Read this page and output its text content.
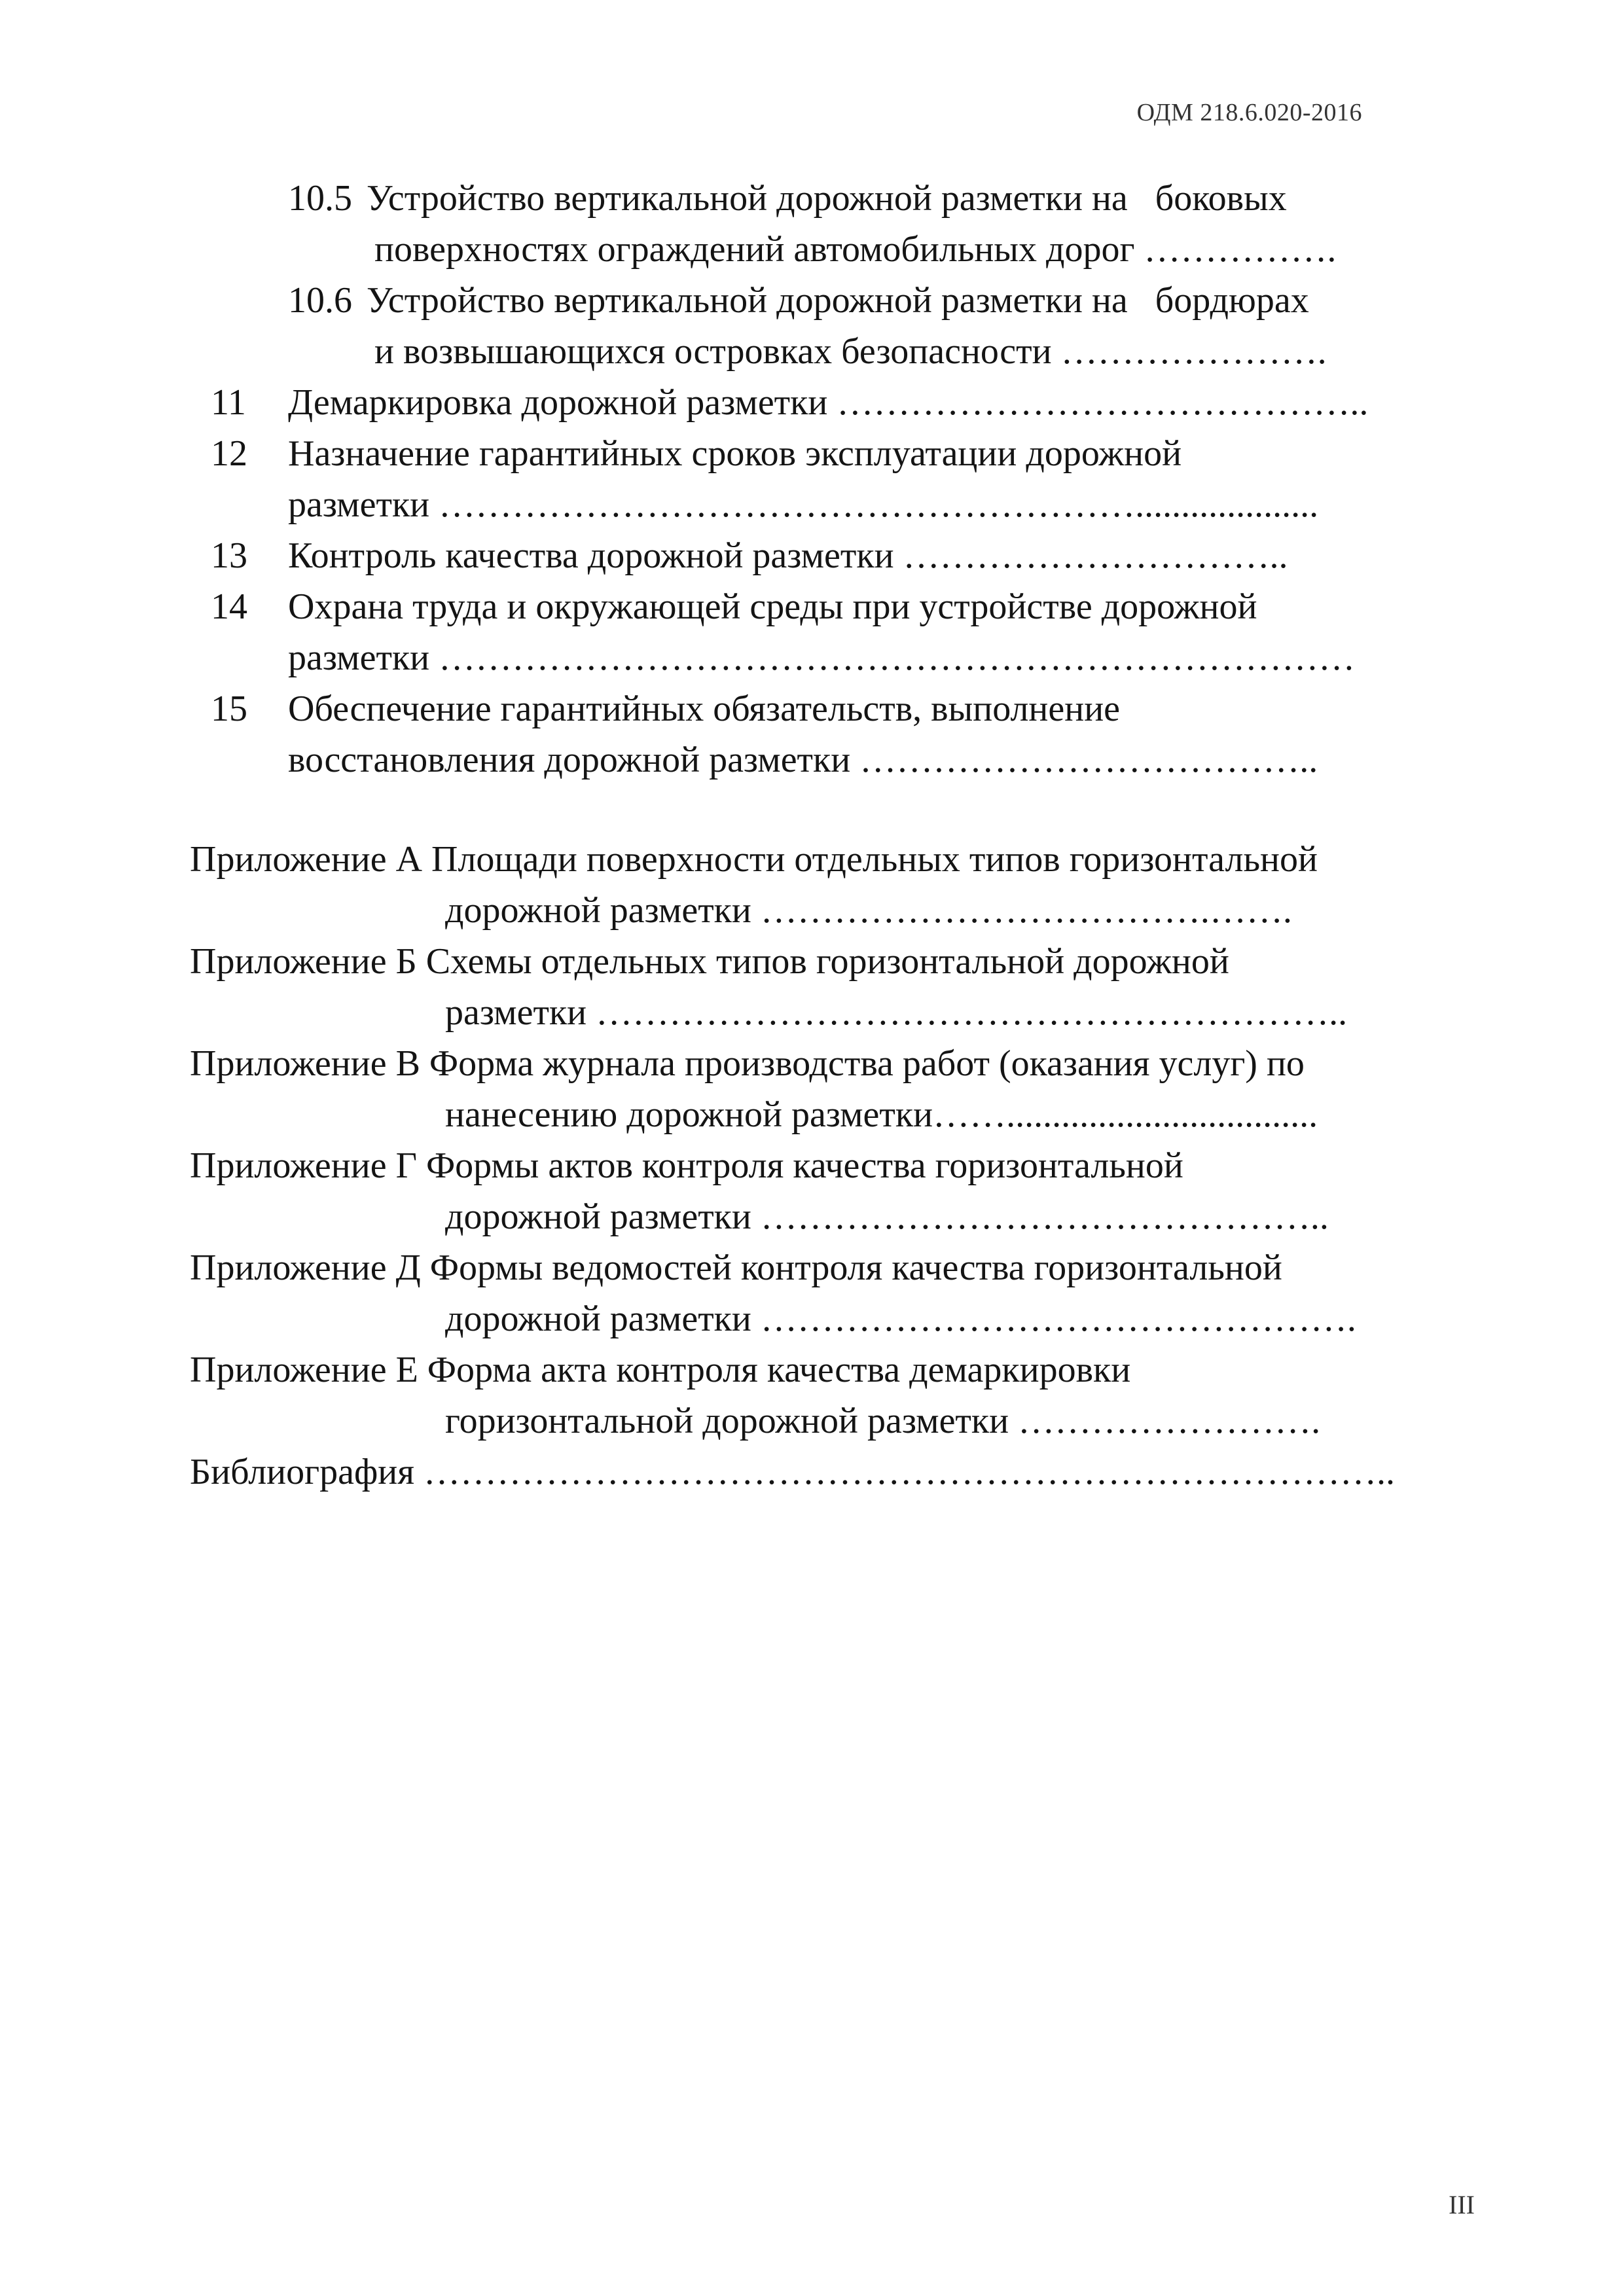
ОДМ 218.6.020-2016
10.5 Устройство вертикальной дорожной разметки на   боковых
поверхностях ограждений автомобильных дорог …………….
10.6 Устройство вертикальной дорожной разметки на   бордюрах
и возвышающихся островках безопасности ………………….
11 Демаркировка дорожной разметки ……………………………………..
12 Назначение гарантийных сроков эксплуатации дорожной
разметки …………………………………………………....................
13 Контроль качества дорожной разметки …………………………..
14 Охрана труда и окружающей среды при устройстве дорожной
разметки …………………………………………………………………
15 Обеспечение гарантийных обязательств, выполнение
восстановления дорожной разметки ………………………………..
Приложение А Площади поверхности отдельных типов горизонтальной
дорожной разметки ……………………………….…….
Приложение Б Схемы отдельных типов горизонтальной дорожной
разметки ……………………………………………………..
Приложение В Форма журнала производства работ (оказания услуг) по
нанесению дорожной разметки……..................................
Приложение Г Формы актов контроля качества горизонтальной
дорожной разметки ………………………………………..
Приложение Д Формы ведомостей контроля качества горизонтальной
дорожной разметки ………………………………………….
Приложение Е Форма акта контроля качества демаркировки
горизонтальной дорожной разметки …………………….
Библиография ……………………………………………………………………..
III
